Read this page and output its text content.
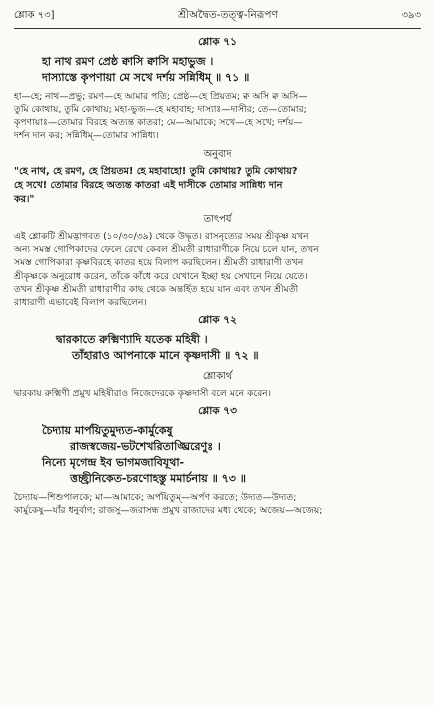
শ্লোক ৭৩]	শ্রীঅদ্বৈত-তত্ত্ব-নিরূপণ	৩৯৩
শ্লোক ৭১
হা নাথ রমণ প্রেষ্ঠ ক্বাসি ক্বাসি মহাভুজ ।
দাস্যাস্তে কৃপণায়া মে সখে দর্শয় সন্নিধিম্ ॥ ৭১ ॥
হা—হে; নাথ—প্রভু; রমণ—হে আমার পতি; প্রেষ্ঠ—হে প্রিয়তম; ক্ব অসি ক্ব অসি—
তুমি কোথায়, তুমি কোথায়; মহা-ভুজ—হে মহাবাহ; দাস্যাঃ—দাসীর; তে—তোমার;
কৃপণায়াঃ—তোমার বিরহে অত্যন্ত কাতরা; মে—আমাকে; সখে—হে সখে; দর্শয়—
দর্শন দান কর; সন্নিধিম্—তোমার সান্নিধ্য।
অনুবাদ
"হে নাথ, হে রমণ, হে প্রিয়তম! হে মহাবাহো! তুমি কোথায়? তুমি কোথায়?
হে সখে! তোমার বিরহে অত্যন্ত কাতরা এই দাসীকে তোমার সান্নিধ্য দান
কর।"
তাৎপর্য
এই শ্লোকটি শ্রীমদ্ভাগবত (১০/৩০/৩৯) থেকে উদ্ধৃত। রাসনৃত্যের সময় শ্রীকৃষ্ণ যখন
অন্য সমস্ত গোপিকাদের ফেলে রেখে কেবল শ্রীমতী রাধারাণীকে নিয়ে চলে যান, তখন
সমস্ত গোপিকারা কৃষ্ণবিরহে কাতর হয়ে বিলাপ করছিলেন। শ্রীমতী রাধারাণী তখন
শ্রীকৃষ্ণকে অনুরোধ করেন, তাঁকে কাঁধে করে যেখানে ইচ্ছা হয় সেখানে নিয়ে যেতে।
তখন শ্রীকৃষ্ণ শ্রীমতী রাধারাণীর কাছ থেকে অন্তর্হিত হয়ে যান এবং তখন শ্রীমতী
রাধারাণী এভাবেই বিলাপ করছিলেন।
শ্লোক ৭২
দ্বারকাতে রুক্মিণ্যাদি যতেক মহিষী ।
তাঁহারাও আপনাকে মানে কৃষ্ণদাসী ॥ ৭২ ॥
শ্লোকার্থ
দ্বারকায় রুক্মিণী প্রমুখ মহিষীরাও নিজেদেরকে কৃষ্ণদাসী বলে মনে করেন।
শ্লোক ৭৩
চৈদ্যায় মার্পয়িতুমুদ্যত-কার্মুকেষু
রাজস্বজেয়-ভটশেখরিতাঙ্ঘ্রিরেণুঃ ।
নিন্যে মৃগেন্দ্র ইব ভাগমজাবিযূথা-
ত্তচ্ছ্রীনিকেত-চরণোহস্তু মমার্চনায় ॥ ৭৩ ॥
চৈদ্যায়—শিশুপালকে; মা—আমাকে; অর্পয়িতুম্—অর্পণ করতে; উদ্যত—উদ্যত;
কার্মুকেষু—যাঁর ধনুর্বাণ; রাজসু—জরাসন্ধ প্রমুখ রাজাদের মধ্য থেকে; অজেয়—অজেয়;
